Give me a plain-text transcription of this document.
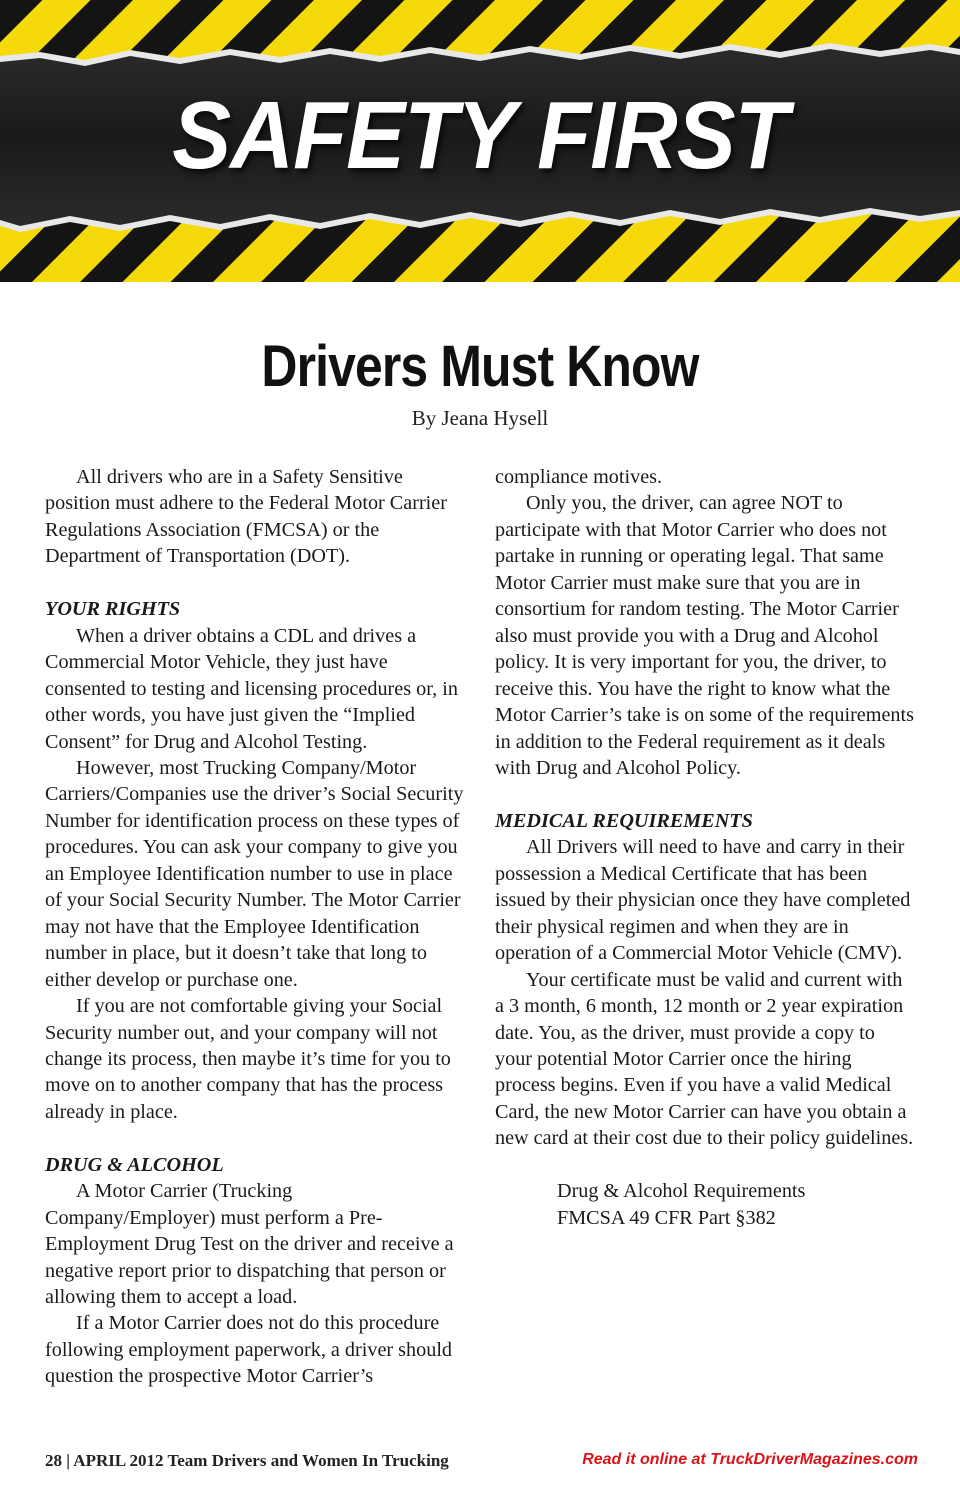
SAFETY FIRST
Drivers Must Know
By Jeana Hysell

All drivers who are in a Safety Sensitive position must adhere to the Federal Motor Carrier Regulations Association (FMCSA) or the Department of Transportation (DOT).

YOUR RIGHTS

When a driver obtains a CDL and drives a Commercial Motor Vehicle, they just have consented to testing and licensing procedures or, in other words, you have just given the “Implied Consent” for Drug and Alcohol Testing.

However, most Trucking Company/Motor Carriers/Companies use the driver’s Social Security Number for identification process on these types of procedures. You can ask your company to give you an Employee Identification number to use in place of your Social Security Number. The Motor Carrier may not have that the Employee Identification number in place, but it doesn’t take that long to either develop or purchase one.

If you are not comfortable giving your Social Security number out, and your company will not change its process, then maybe it’s time for you to move on to another company that has the process already in place.

DRUG & ALCOHOL

A Motor Carrier (Trucking Company/Employer) must perform a Pre-Employment Drug Test on the driver and receive a negative report prior to dispatching that person or allowing them to accept a load.

If a Motor Carrier does not do this procedure following employment paperwork, a driver should question the prospective Motor Carrier’s

compliance motives.

Only you, the driver, can agree NOT to participate with that Motor Carrier who does not partake in running or operating legal. That same Motor Carrier must make sure that you are in consortium for random testing. The Motor Carrier also must provide you with a Drug and Alcohol policy. It is very important for you, the driver, to receive this. You have the right to know what the Motor Carrier’s take is on some of the requirements in addition to the Federal requirement as it deals with Drug and Alcohol Policy.

MEDICAL REQUIREMENTS

All Drivers will need to have and carry in their possession a Medical Certificate that has been issued by their physician once they have completed their physical regimen and when they are in operation of a Commercial Motor Vehicle (CMV).

Your certificate must be valid and current with a 3 month, 6 month, 12 month or 2 year expiration date. You, as the driver, must provide a copy to your potential Motor Carrier once the hiring process begins. Even if you have a valid Medical Card, the new Motor Carrier can have you obtain a new card at their cost due to their policy guidelines.

Drug & Alcohol Requirements

FMCSA 49 CFR Part §382

28 | APRIL 2012 Team Drivers and Women In Trucking	Read it online at TruckDriverMagazines.com
